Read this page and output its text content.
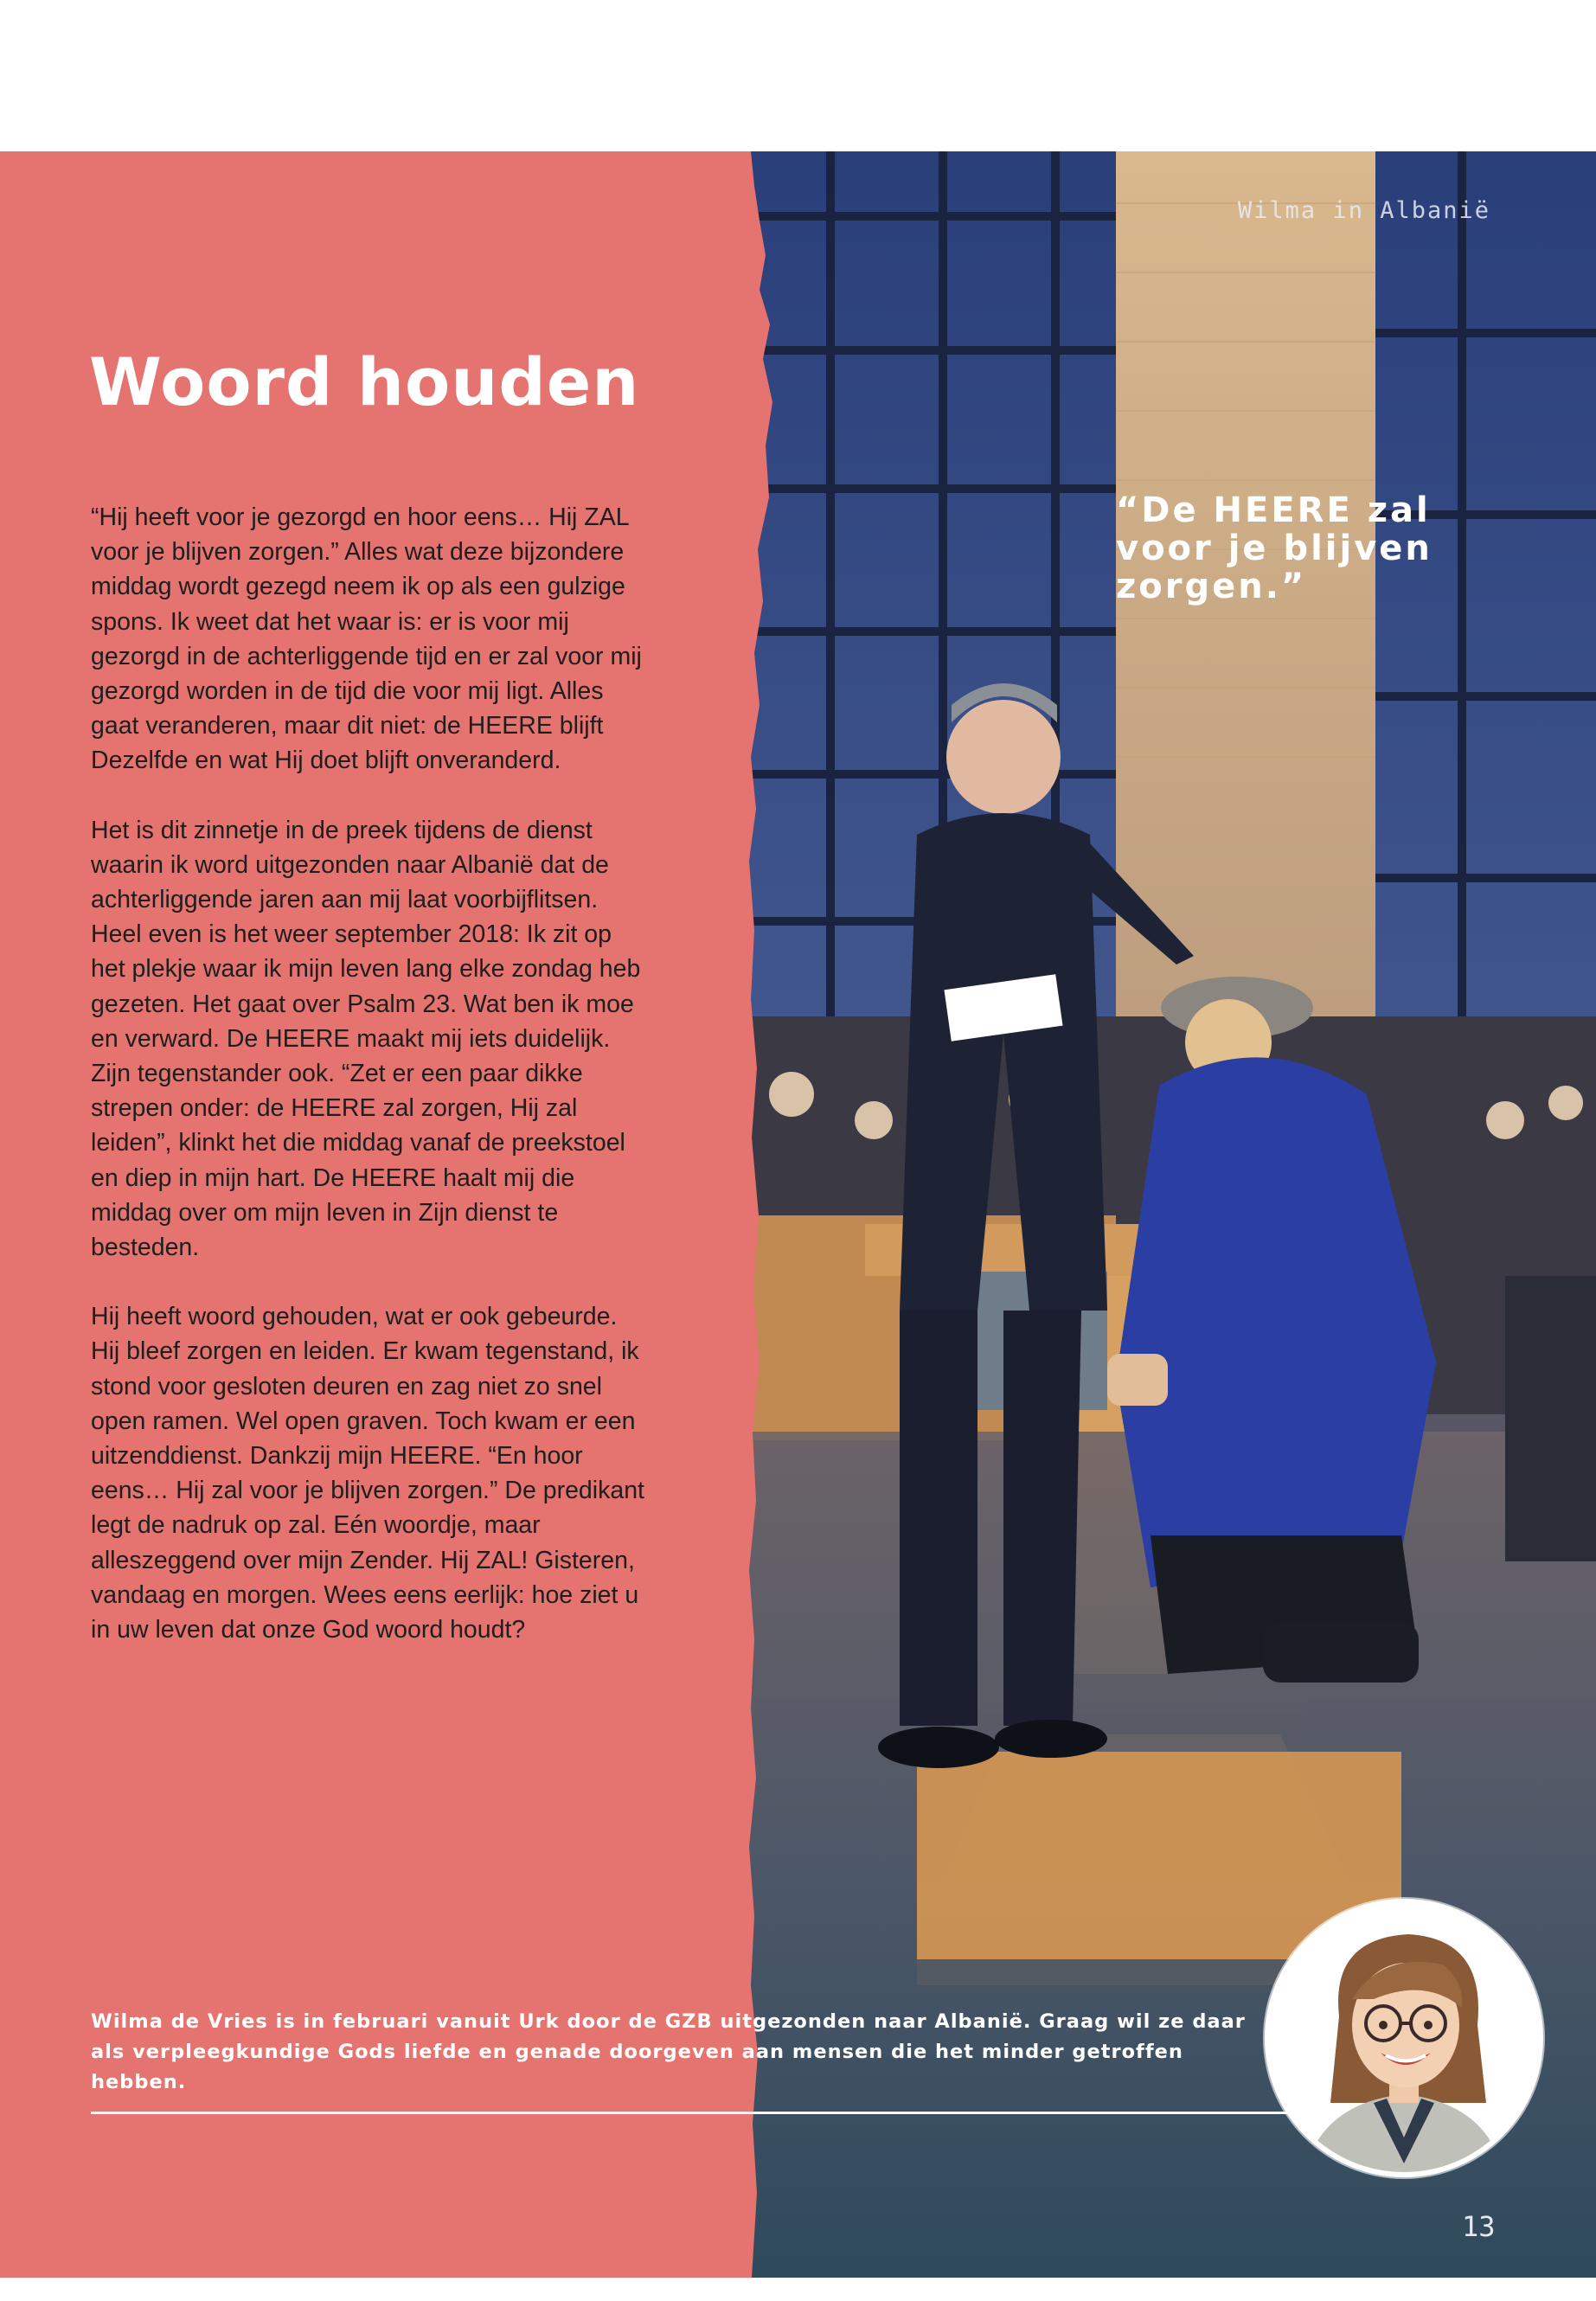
Wilma in Albanië
Woord houden

“Hij heeft voor je gezorgd en hoor eens… Hij ZAL voor je blijven zorgen.” Alles wat deze bijzondere middag wordt gezegd neem ik op als een gulzige spons. Ik weet dat het waar is: er is voor mij gezorgd in de achterliggende tijd en er zal voor mij gezorgd worden in de tijd die voor mij ligt. Alles gaat veranderen, maar dit niet: de HEERE blijft Dezelfde en wat Hij doet blijft onveranderd.

Het is dit zinnetje in de preek tijdens de dienst waarin ik word uitgezonden naar Albanië dat de achterliggende jaren aan mij laat voorbijflitsen. Heel even is het weer september 2018: Ik zit op het plekje waar ik mijn leven lang elke zondag heb gezeten. Het gaat over Psalm 23. Wat ben ik moe en verward. De HEERE maakt mij iets duidelijk. Zijn tegenstander ook. “Zet er een paar dikke strepen onder: de HEERE zal zorgen, Hij zal leiden”, klinkt het die middag vanaf de preekstoel en diep in mijn hart. De HEERE haalt mij die middag over om mijn leven in Zijn dienst te besteden.

Hij heeft woord gehouden, wat er ook gebeurde. Hij bleef zorgen en leiden. Er kwam tegenstand, ik stond voor gesloten deuren en zag niet zo snel open ramen. Wel open graven. Toch kwam er een uitzenddienst. Dankzij mijn HEERE. “En hoor eens… Hij zal voor je blijven zorgen.” De predikant legt de nadruk op zal. Eén woordje, maar alleszeggend over mijn Zender. Hij ZAL! Gisteren, vandaag en morgen. Wees eens eerlijk: hoe ziet u in uw leven dat onze God woord houdt?

“De HEERE zal voor je blijven zorgen.”

Wilma de Vries is in februari vanuit Urk door de GZB uitgezonden naar Albanië. Graag wil ze daar als verpleegkundige Gods liefde en genade doorgeven aan mensen die het minder getroffen hebben.

13
